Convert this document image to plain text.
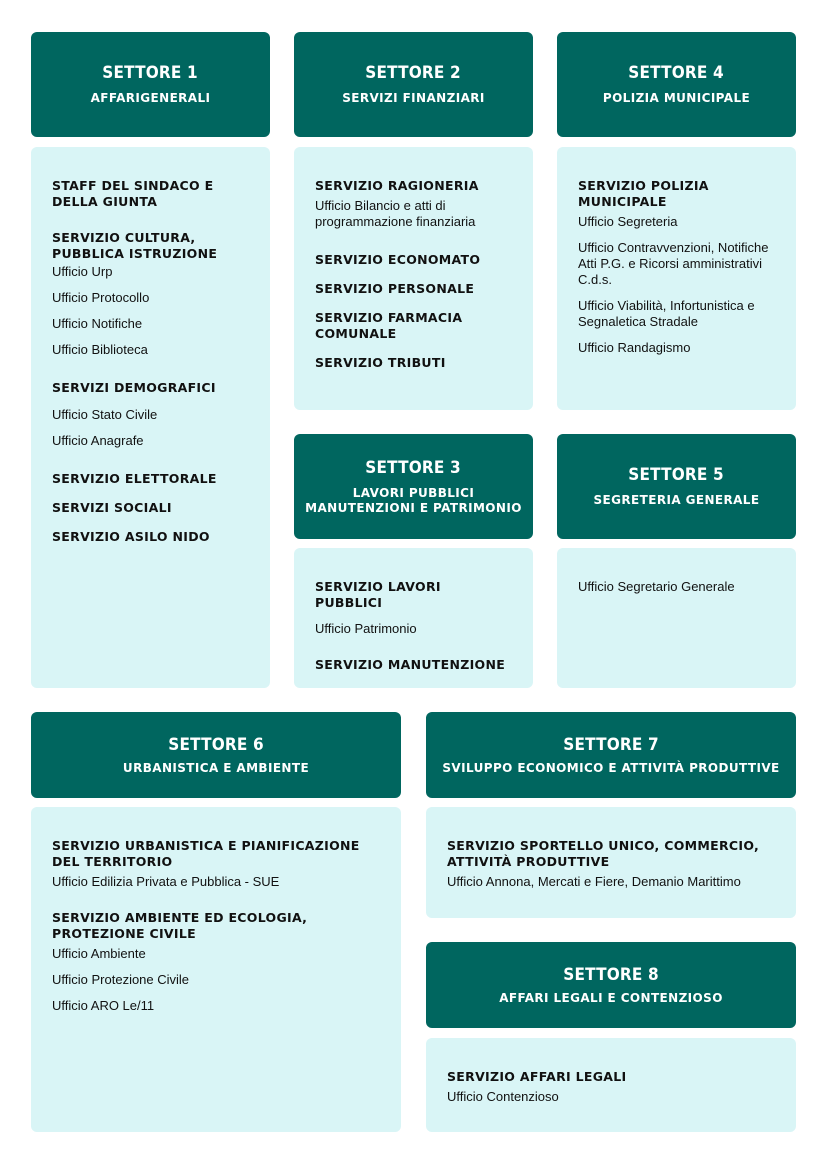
SETTORE 1
AFFARIGENERALI
STAFF DEL SINDACO E DELLA GIUNTA
SERVIZIO CULTURA, PUBBLICA ISTRUZIONE
Ufficio Urp
Ufficio Protocollo
Ufficio Notifiche
Ufficio Biblioteca
SERVIZI DEMOGRAFICI
Ufficio Stato Civile
Ufficio Anagrafe
SERVIZIO ELETTORALE
SERVIZI SOCIALI
SERVIZIO ASILO NIDO
SETTORE 2
SERVIZI FINANZIARI
SERVIZIO RAGIONERIA
Ufficio Bilancio e atti di programmazione finanziaria
SERVIZIO ECONOMATO
SERVIZIO PERSONALE
SERVIZIO FARMACIA COMUNALE
SERVIZIO TRIBUTI
SETTORE 4
POLIZIA MUNICIPALE
SERVIZIO POLIZIA MUNICIPALE
Ufficio Segreteria
Ufficio Contravvenzioni, Notifiche Atti P.G. e Ricorsi amministrativi C.d.s.
Ufficio Viabilità, Infortunistica e Segnaletica Stradale
Ufficio Randagismo
SETTORE 3
LAVORI PUBBLICI MANUTENZIONI E PATRIMONIO
SERVIZIO LAVORI PUBBLICI
Ufficio Patrimonio
SERVIZIO MANUTENZIONE
SETTORE 5
SEGRETERIA GENERALE
Ufficio Segretario Generale
SETTORE 6
URBANISTICA E AMBIENTE
SERVIZIO URBANISTICA E PIANIFICAZIONE DEL TERRITORIO
Ufficio Edilizia Privata e Pubblica - SUE
SERVIZIO AMBIENTE ED ECOLOGIA, PROTEZIONE CIVILE
Ufficio Ambiente
Ufficio Protezione Civile
Ufficio ARO Le/11
SETTORE 7
SVILUPPO ECONOMICO E ATTIVITÀ PRODUTTIVE
SERVIZIO SPORTELLO UNICO, COMMERCIO, ATTIVITÀ PRODUTTIVE
Ufficio Annona, Mercati e Fiere, Demanio Marittimo
SETTORE 8
AFFARI LEGALI E CONTENZIOSO
SERVIZIO AFFARI LEGALI
Ufficio Contenzioso
